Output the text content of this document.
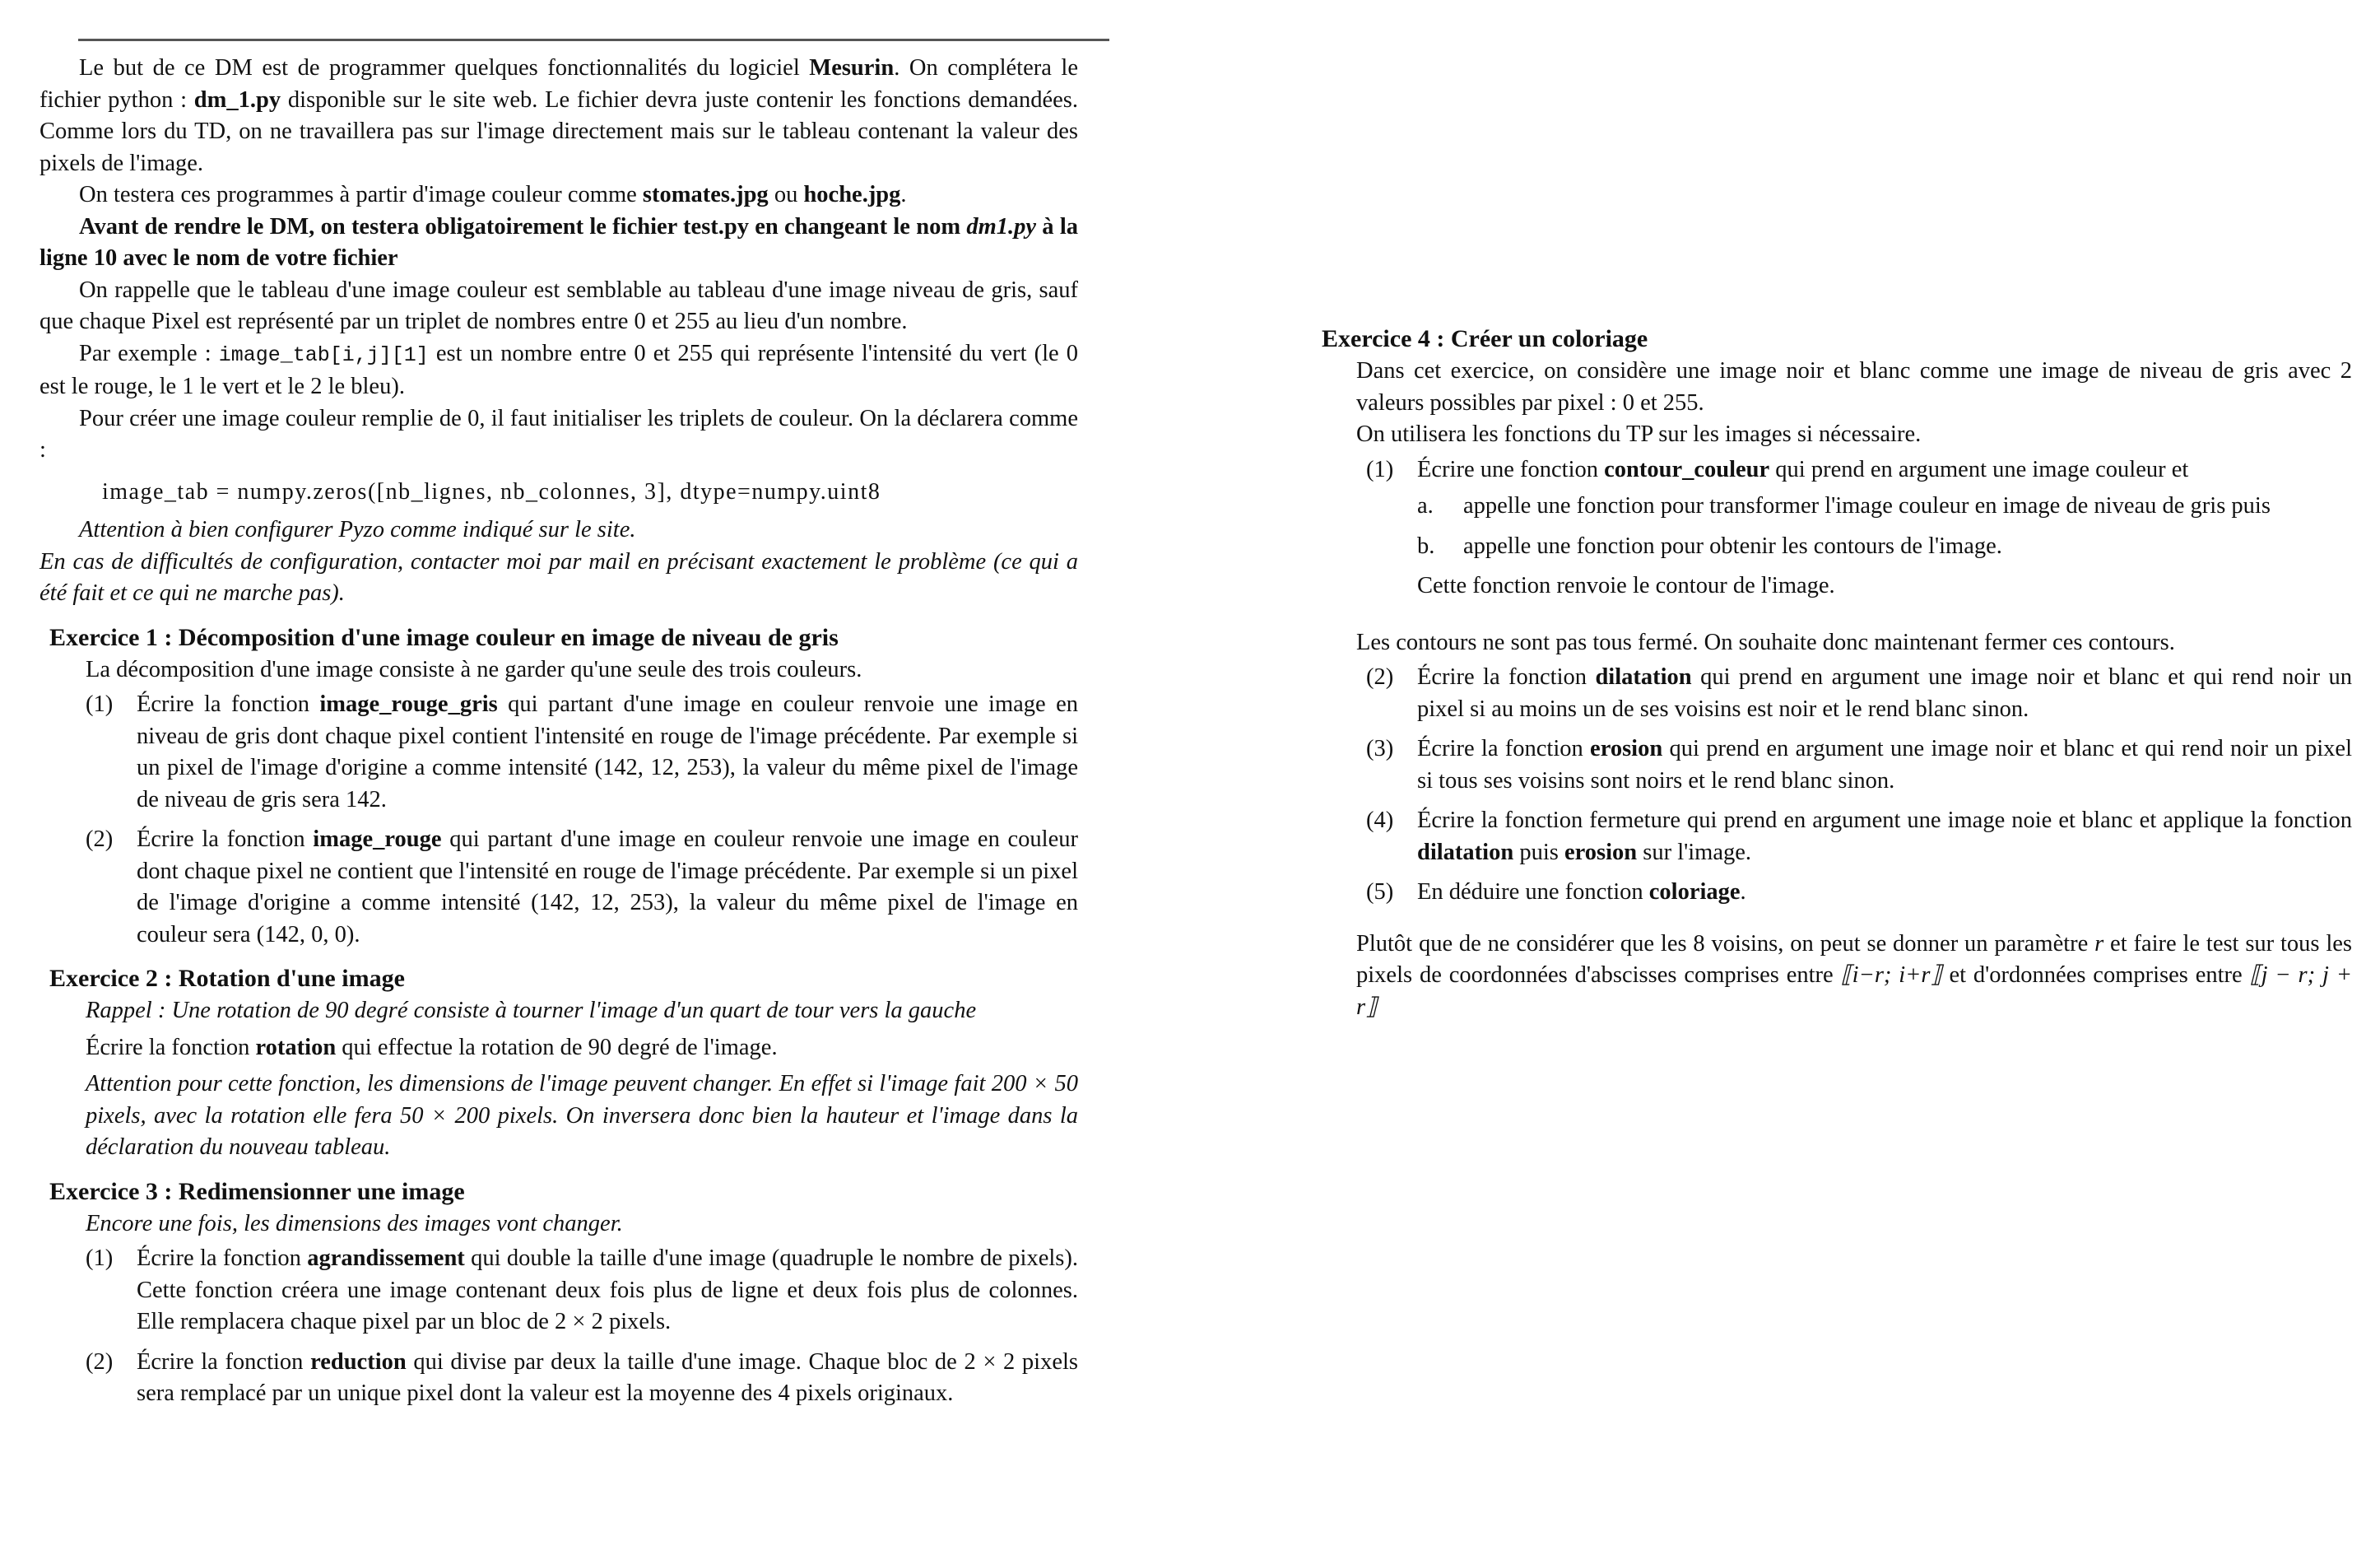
Le but de ce DM est de programmer quelques fonctionnalités du logiciel Mesurin. On complétera le fichier python : dm_1.py disponible sur le site web. Le fichier devra juste contenir les fonctions demandées. Comme lors du TD, on ne travaillera pas sur l'image directement mais sur le tableau contenant la valeur des pixels de l'image.

On testera ces programmes à partir d'image couleur comme stomates.jpg ou hoche.jpg.

Avant de rendre le DM, on testera obligatoirement le fichier test.py en changeant le nom dm1.py à la ligne 10 avec le nom de votre fichier

On rappelle que le tableau d'une image couleur est semblable au tableau d'une image niveau de gris, sauf que chaque Pixel est représenté par un triplet de nombres entre 0 et 255 au lieu d'un nombre.

Par exemple : image_tab[i,j][1] est un nombre entre 0 et 255 qui représente l'intensité du vert (le 0 est le rouge, le 1 le vert et le 2 le bleu).

Pour créer une image couleur remplie de 0, il faut initialiser les triplets de couleur. On la déclarera comme :

image_tab = numpy.zeros([nb_lignes, nb_colonnes, 3], dtype=numpy.uint8

Attention à bien configurer Pyzo comme indiqué sur le site.

En cas de difficultés de configuration, contacter moi par mail en précisant exactement le problème (ce qui a été fait et ce qui ne marche pas).

Exercice 1 : Décomposition d'une image couleur en image de niveau de gris

La décomposition d'une image consiste à ne garder qu'une seule des trois couleurs.

(1) Écrire la fonction image_rouge_gris qui partant d'une image en couleur renvoie une image en niveau de gris dont chaque pixel contient l'intensité en rouge de l'image précédente. Par exemple si un pixel de l'image d'origine a comme intensité (142, 12, 253), la valeur du même pixel de l'image de niveau de gris sera 142.
(2) Écrire la fonction image_rouge qui partant d'une image en couleur renvoie une image en couleur dont chaque pixel ne contient que l'intensité en rouge de l'image précédente. Par exemple si un pixel de l'image d'origine a comme intensité (142, 12, 253), la valeur du même pixel de l'image en couleur sera (142, 0, 0).
Exercice 2 : Rotation d'une image

Rappel : Une rotation de 90 degré consiste à tourner l'image d'un quart de tour vers la gauche

Écrire la fonction rotation qui effectue la rotation de 90 degré de l'image.

Attention pour cette fonction, les dimensions de l'image peuvent changer. En effet si l'image fait 200 × 50 pixels, avec la rotation elle fera 50 × 200 pixels. On inversera donc bien la hauteur et l'image dans la déclaration du nouveau tableau.

Exercice 3 : Redimensionner une image

Encore une fois, les dimensions des images vont changer.

(1) Écrire la fonction agrandissement qui double la taille d'une image (quadruple le nombre de pixels). Cette fonction créera une image contenant deux fois plus de ligne et deux fois plus de colonnes. Elle remplacera chaque pixel par un bloc de 2 × 2 pixels.
(2) Écrire la fonction reduction qui divise par deux la taille d'une image. Chaque bloc de 2 × 2 pixels sera remplacé par un unique pixel dont la valeur est la moyenne des 4 pixels originaux.
Exercice 4 : Créer un coloriage

Dans cet exercice, on considère une image noir et blanc comme une image de niveau de gris avec 2 valeurs possibles par pixel : 0 et 255.

On utilisera les fonctions du TP sur les images si nécessaire.

(1) Écrire une fonction contour_couleur qui prend en argument une image couleur et
a. appelle une fonction pour transformer l'image couleur en image de niveau de gris puis
b. appelle une fonction pour obtenir les contours de l'image.
Cette fonction renvoie le contour de l'image.

Les contours ne sont pas tous fermé. On souhaite donc maintenant fermer ces contours.

(2) Écrire la fonction dilatation qui prend en argument une image noir et blanc et qui rend noir un pixel si au moins un de ses voisins est noir et le rend blanc sinon.
(3) Écrire la fonction erosion qui prend en argument une image noir et blanc et qui rend noir un pixel si tous ses voisins sont noirs et le rend blanc sinon.
(4) Écrire la fonction fermeture qui prend en argument une image noie et blanc et applique la fonction dilatation puis erosion sur l'image.
(5) En déduire une fonction coloriage.

Plutôt que de ne considérer que les 8 voisins, on peut se donner un paramètre r et faire le test sur tous les pixels de coordonnées d'abscisses comprises entre ⟦i−r; i+r⟧ et d'ordonnées comprises entre ⟦j − r; j + r⟧
